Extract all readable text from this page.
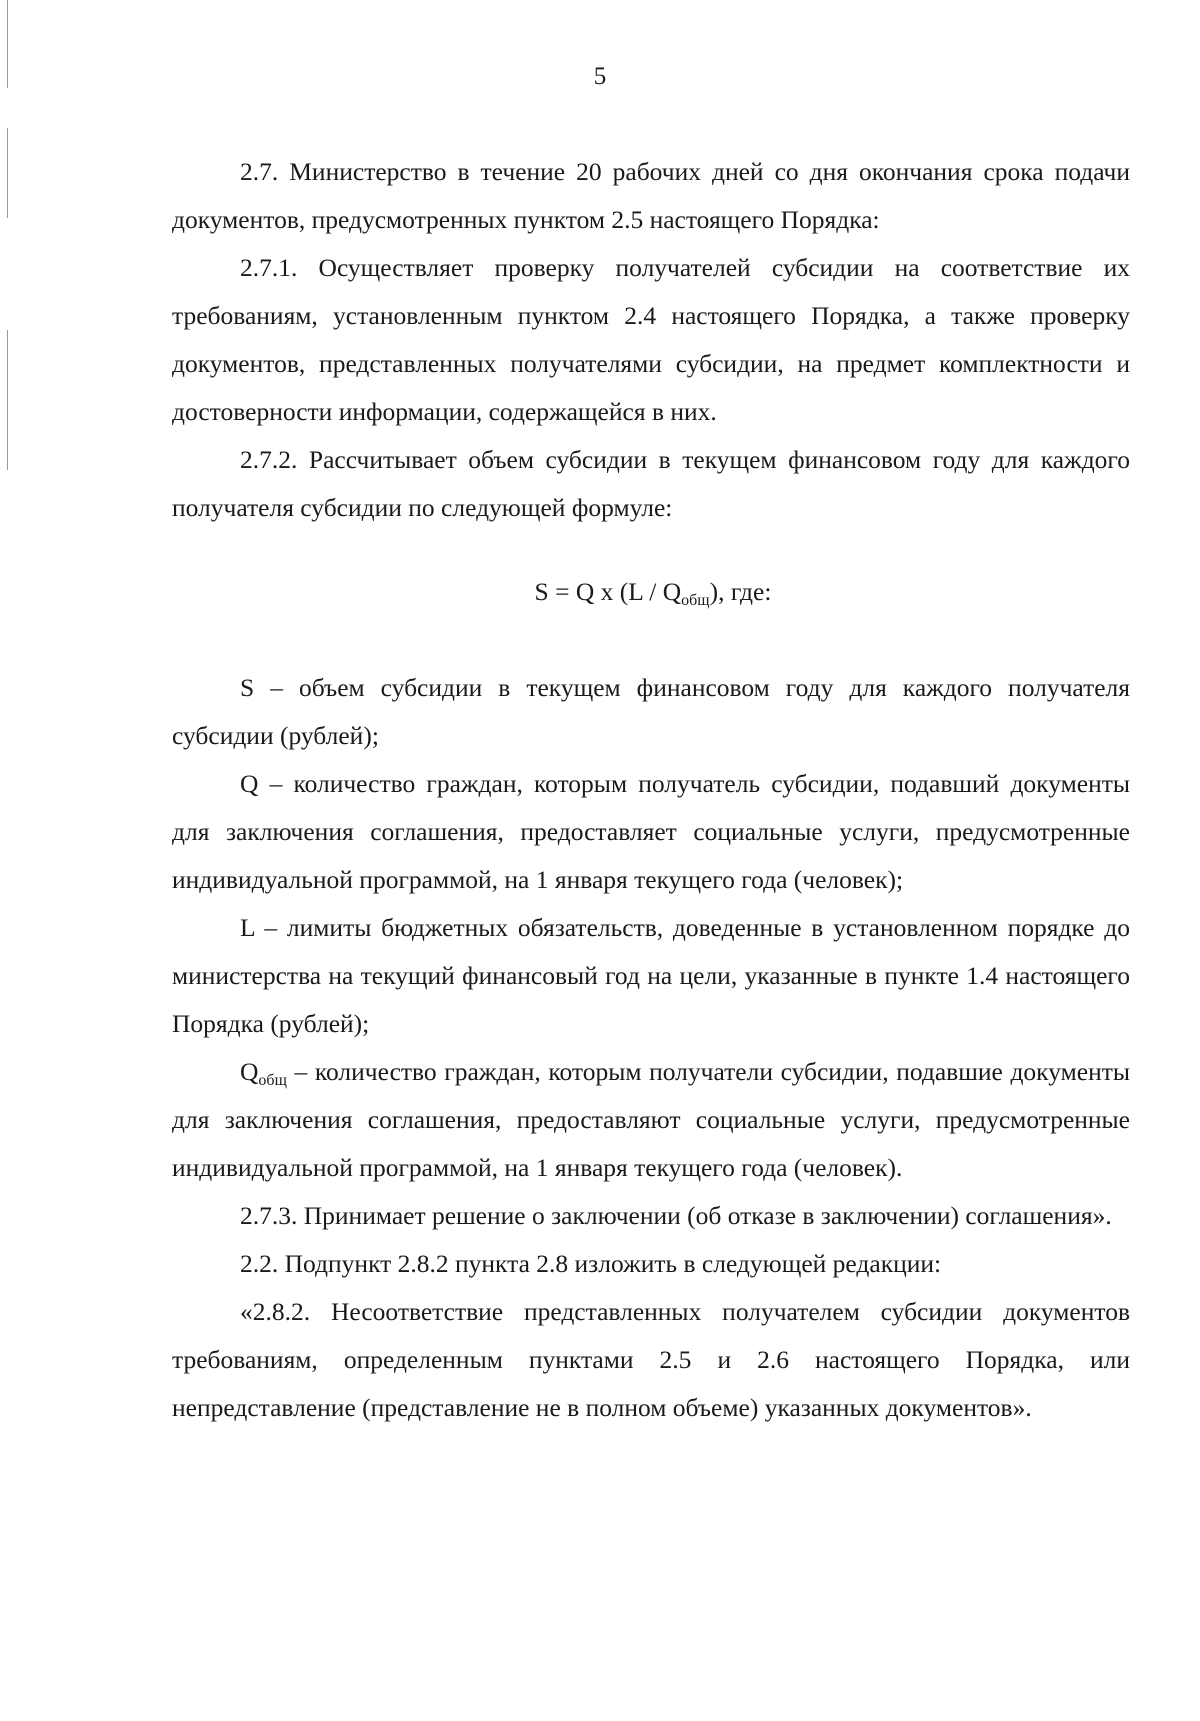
5

2.7. Министерство в течение 20 рабочих дней со дня окончания срока подачи документов, предусмотренных пунктом 2.5 настоящего Порядка:

2.7.1. Осуществляет проверку получателей субсидии на соответствие их требованиям, установленным пунктом 2.4 настоящего Порядка, а также проверку документов, представленных получателями субсидии, на предмет комплектности и достоверности информации, содержащейся в них.

2.7.2. Рассчитывает объем субсидии в текущем финансовом году для каждого получателя субсидии по следующей формуле:

S = Q x $(L / Q_{общ})$, где:

S – объем субсидии в текущем финансовом году для каждого получателя субсидии (рублей);

Q – количество граждан, которым получатель субсидии, подавший документы для заключения соглашения, предоставляет социальные услуги, предусмотренные индивидуальной программой, на 1 января текущего года (человек);

L – лимиты бюджетных обязательств, доведенные в установленном порядке до министерства на текущий финансовый год на цели, указанные в пункте 1.4 настоящего Порядка (рублей);

$Q_{общ}$ – количество граждан, которым получатели субсидии, подавшие документы для заключения соглашения, предоставляют социальные услуги, предусмотренные индивидуальной программой, на 1 января текущего года (человек).

2.7.3. Принимает решение о заключении (об отказе в заключении) соглашения».

2.2. Подпункт 2.8.2 пункта 2.8 изложить в следующей редакции:

«2.8.2. Несоответствие представленных получателем субсидии документов требованиям, определенным пунктами 2.5 и 2.6 настоящего Порядка, или непредставление (представление не в полном объеме) указанных документов».
